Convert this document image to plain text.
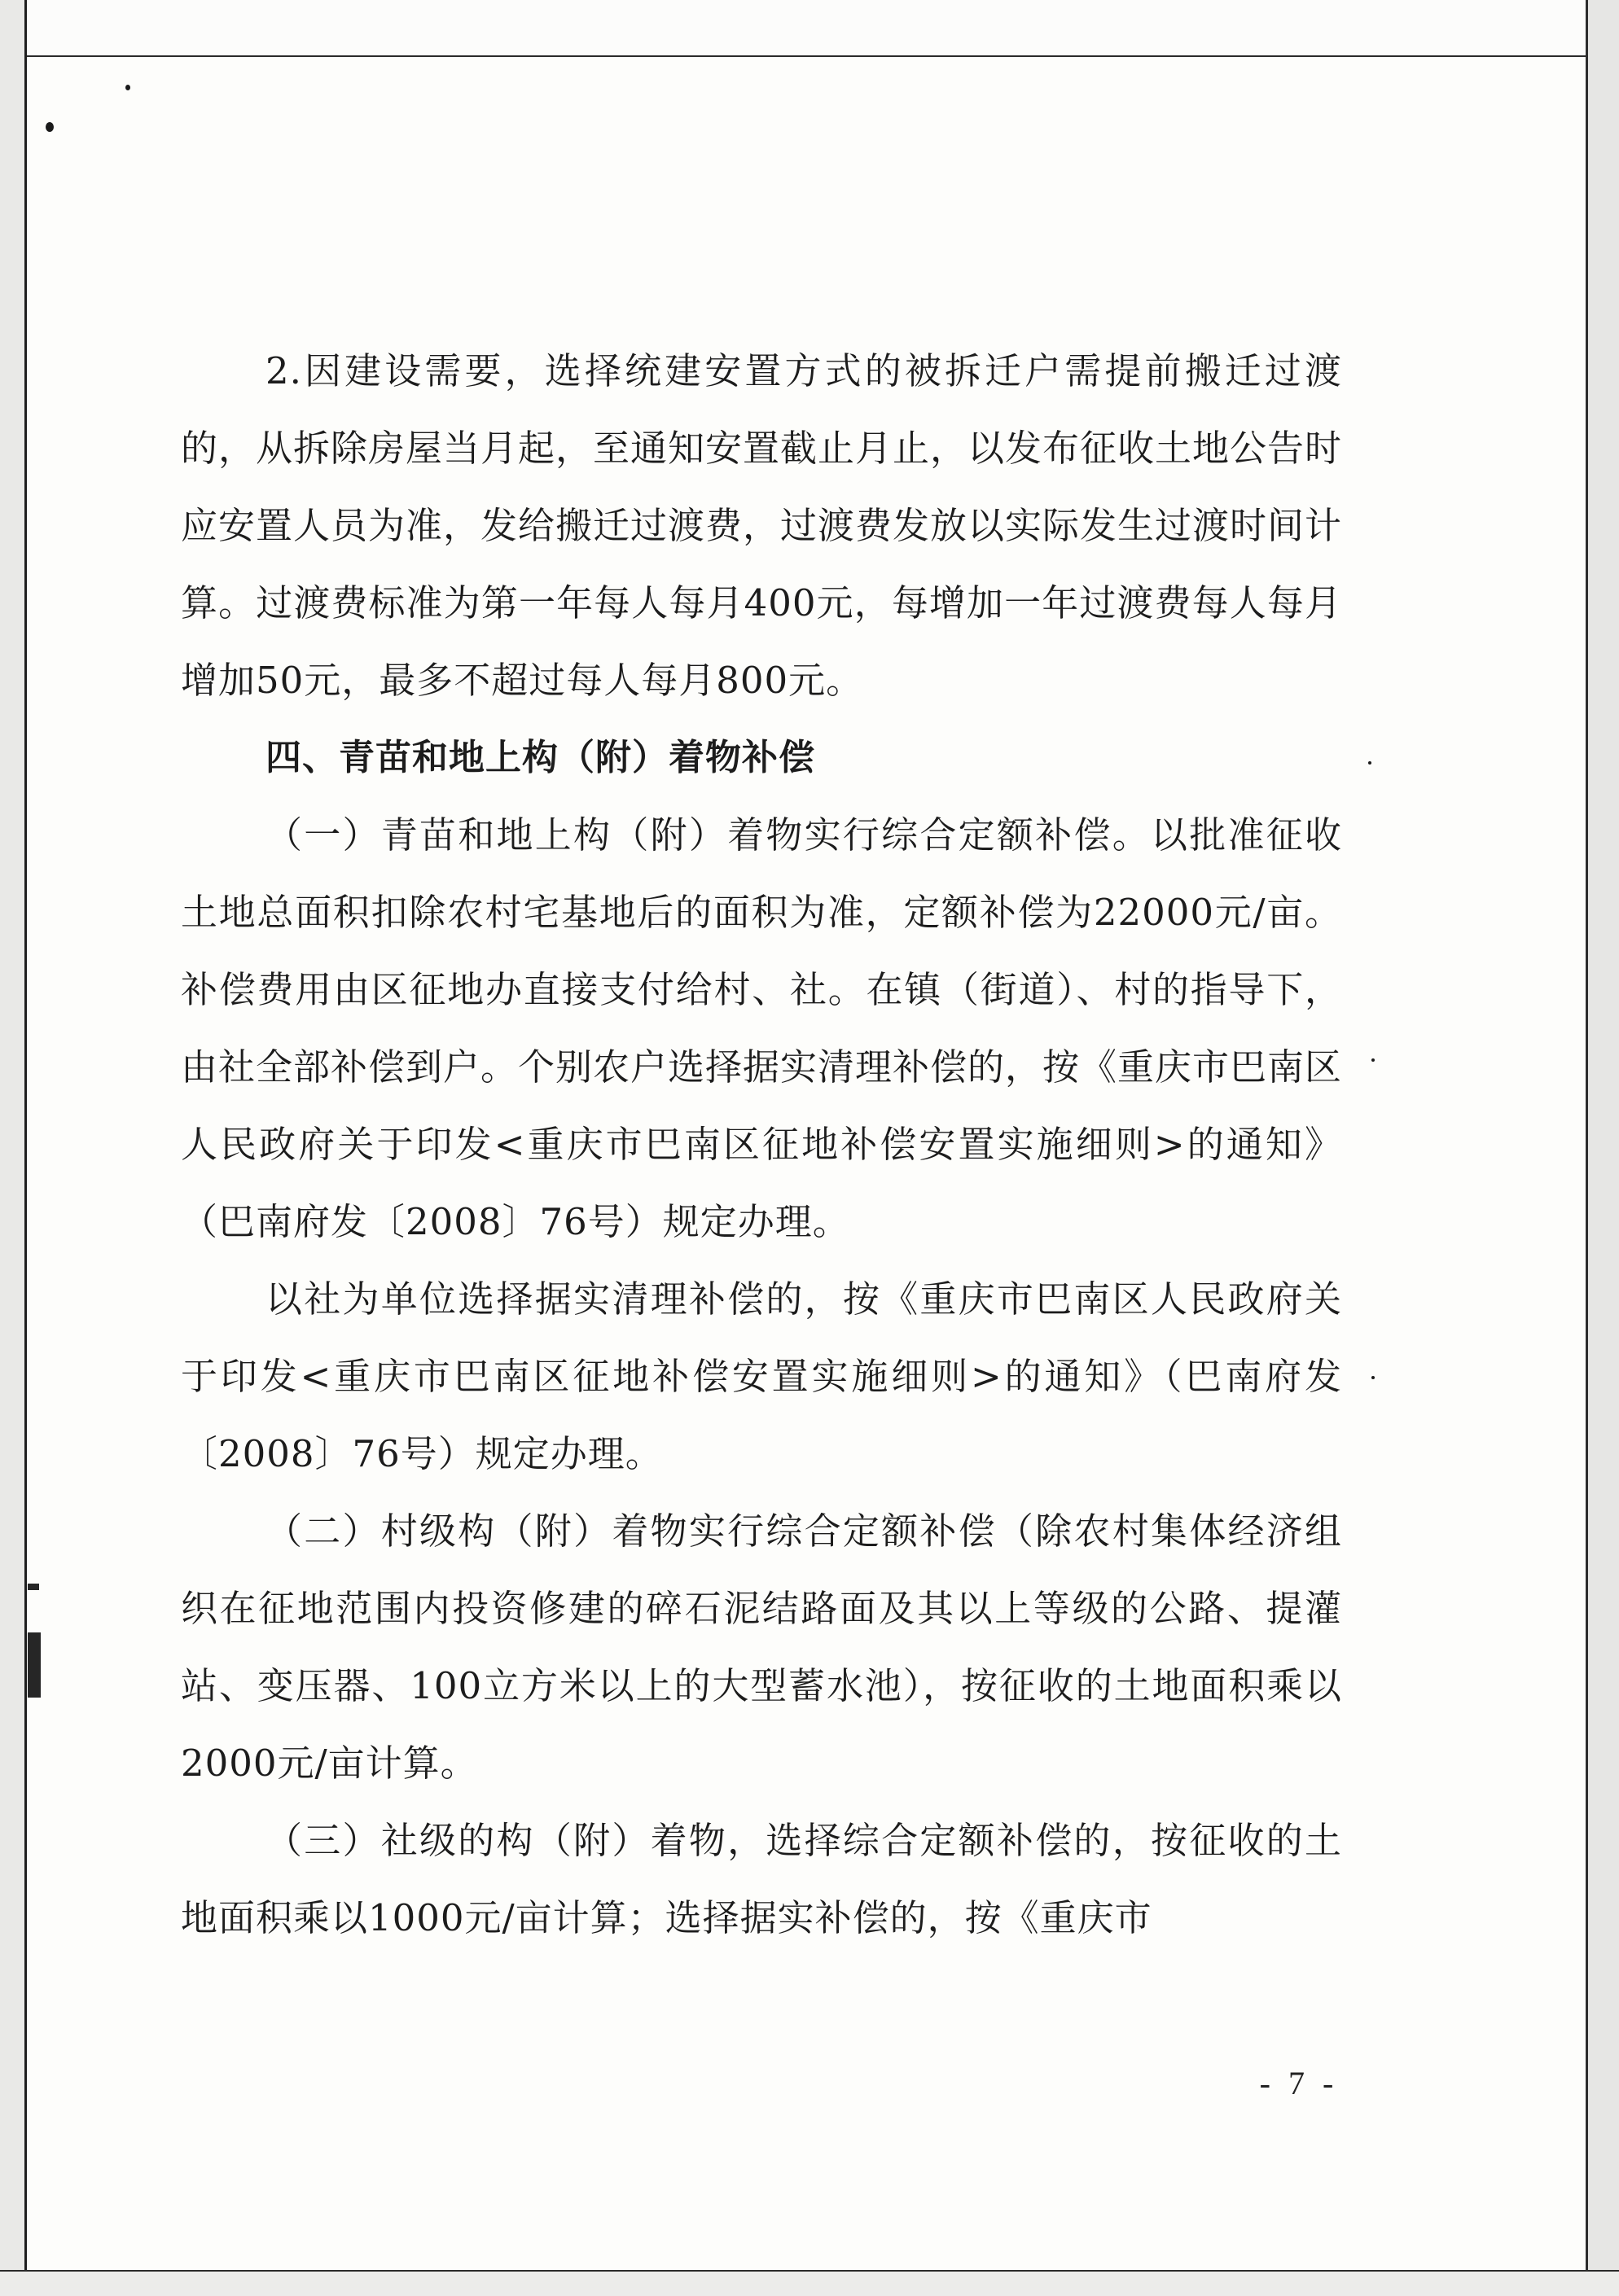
2.因建设需要，选择统建安置方式的被拆迁户需提前搬迁过渡的，从拆除房屋当月起，至通知安置截止月止，以发布征收土地公告时应安置人员为准，发给搬迁过渡费，过渡费发放以实际发生过渡时间计算。过渡费标准为第一年每人每月400元，每增加一年过渡费每人每月增加50元，最多不超过每人每月800元。

四、青苗和地上构（附）着物补偿

（一）青苗和地上构（附）着物实行综合定额补偿。以批准征收土地总面积扣除农村宅基地后的面积为准，定额补偿为22000元/亩。补偿费用由区征地办直接支付给村、社。在镇（街道）、村的指导下，由社全部补偿到户。个别农户选择据实清理补偿的，按《重庆市巴南区人民政府关于印发<重庆市巴南区征地补偿安置实施细则>的通知》（巴南府发〔2008〕76号）规定办理。

以社为单位选择据实清理补偿的，按《重庆市巴南区人民政府关于印发<重庆市巴南区征地补偿安置实施细则>的通知》（巴南府发〔2008〕76号）规定办理。

（二）村级构（附）着物实行综合定额补偿（除农村集体经济组织在征地范围内投资修建的碎石泥结路面及其以上等级的公路、提灌站、变压器、100立方米以上的大型蓄水池），按征收的土地面积乘以2000元/亩计算。

（三）社级的构（附）着物，选择综合定额补偿的，按征收的土地面积乘以1000元/亩计算；选择据实补偿的，按《重庆市

- 7 -
